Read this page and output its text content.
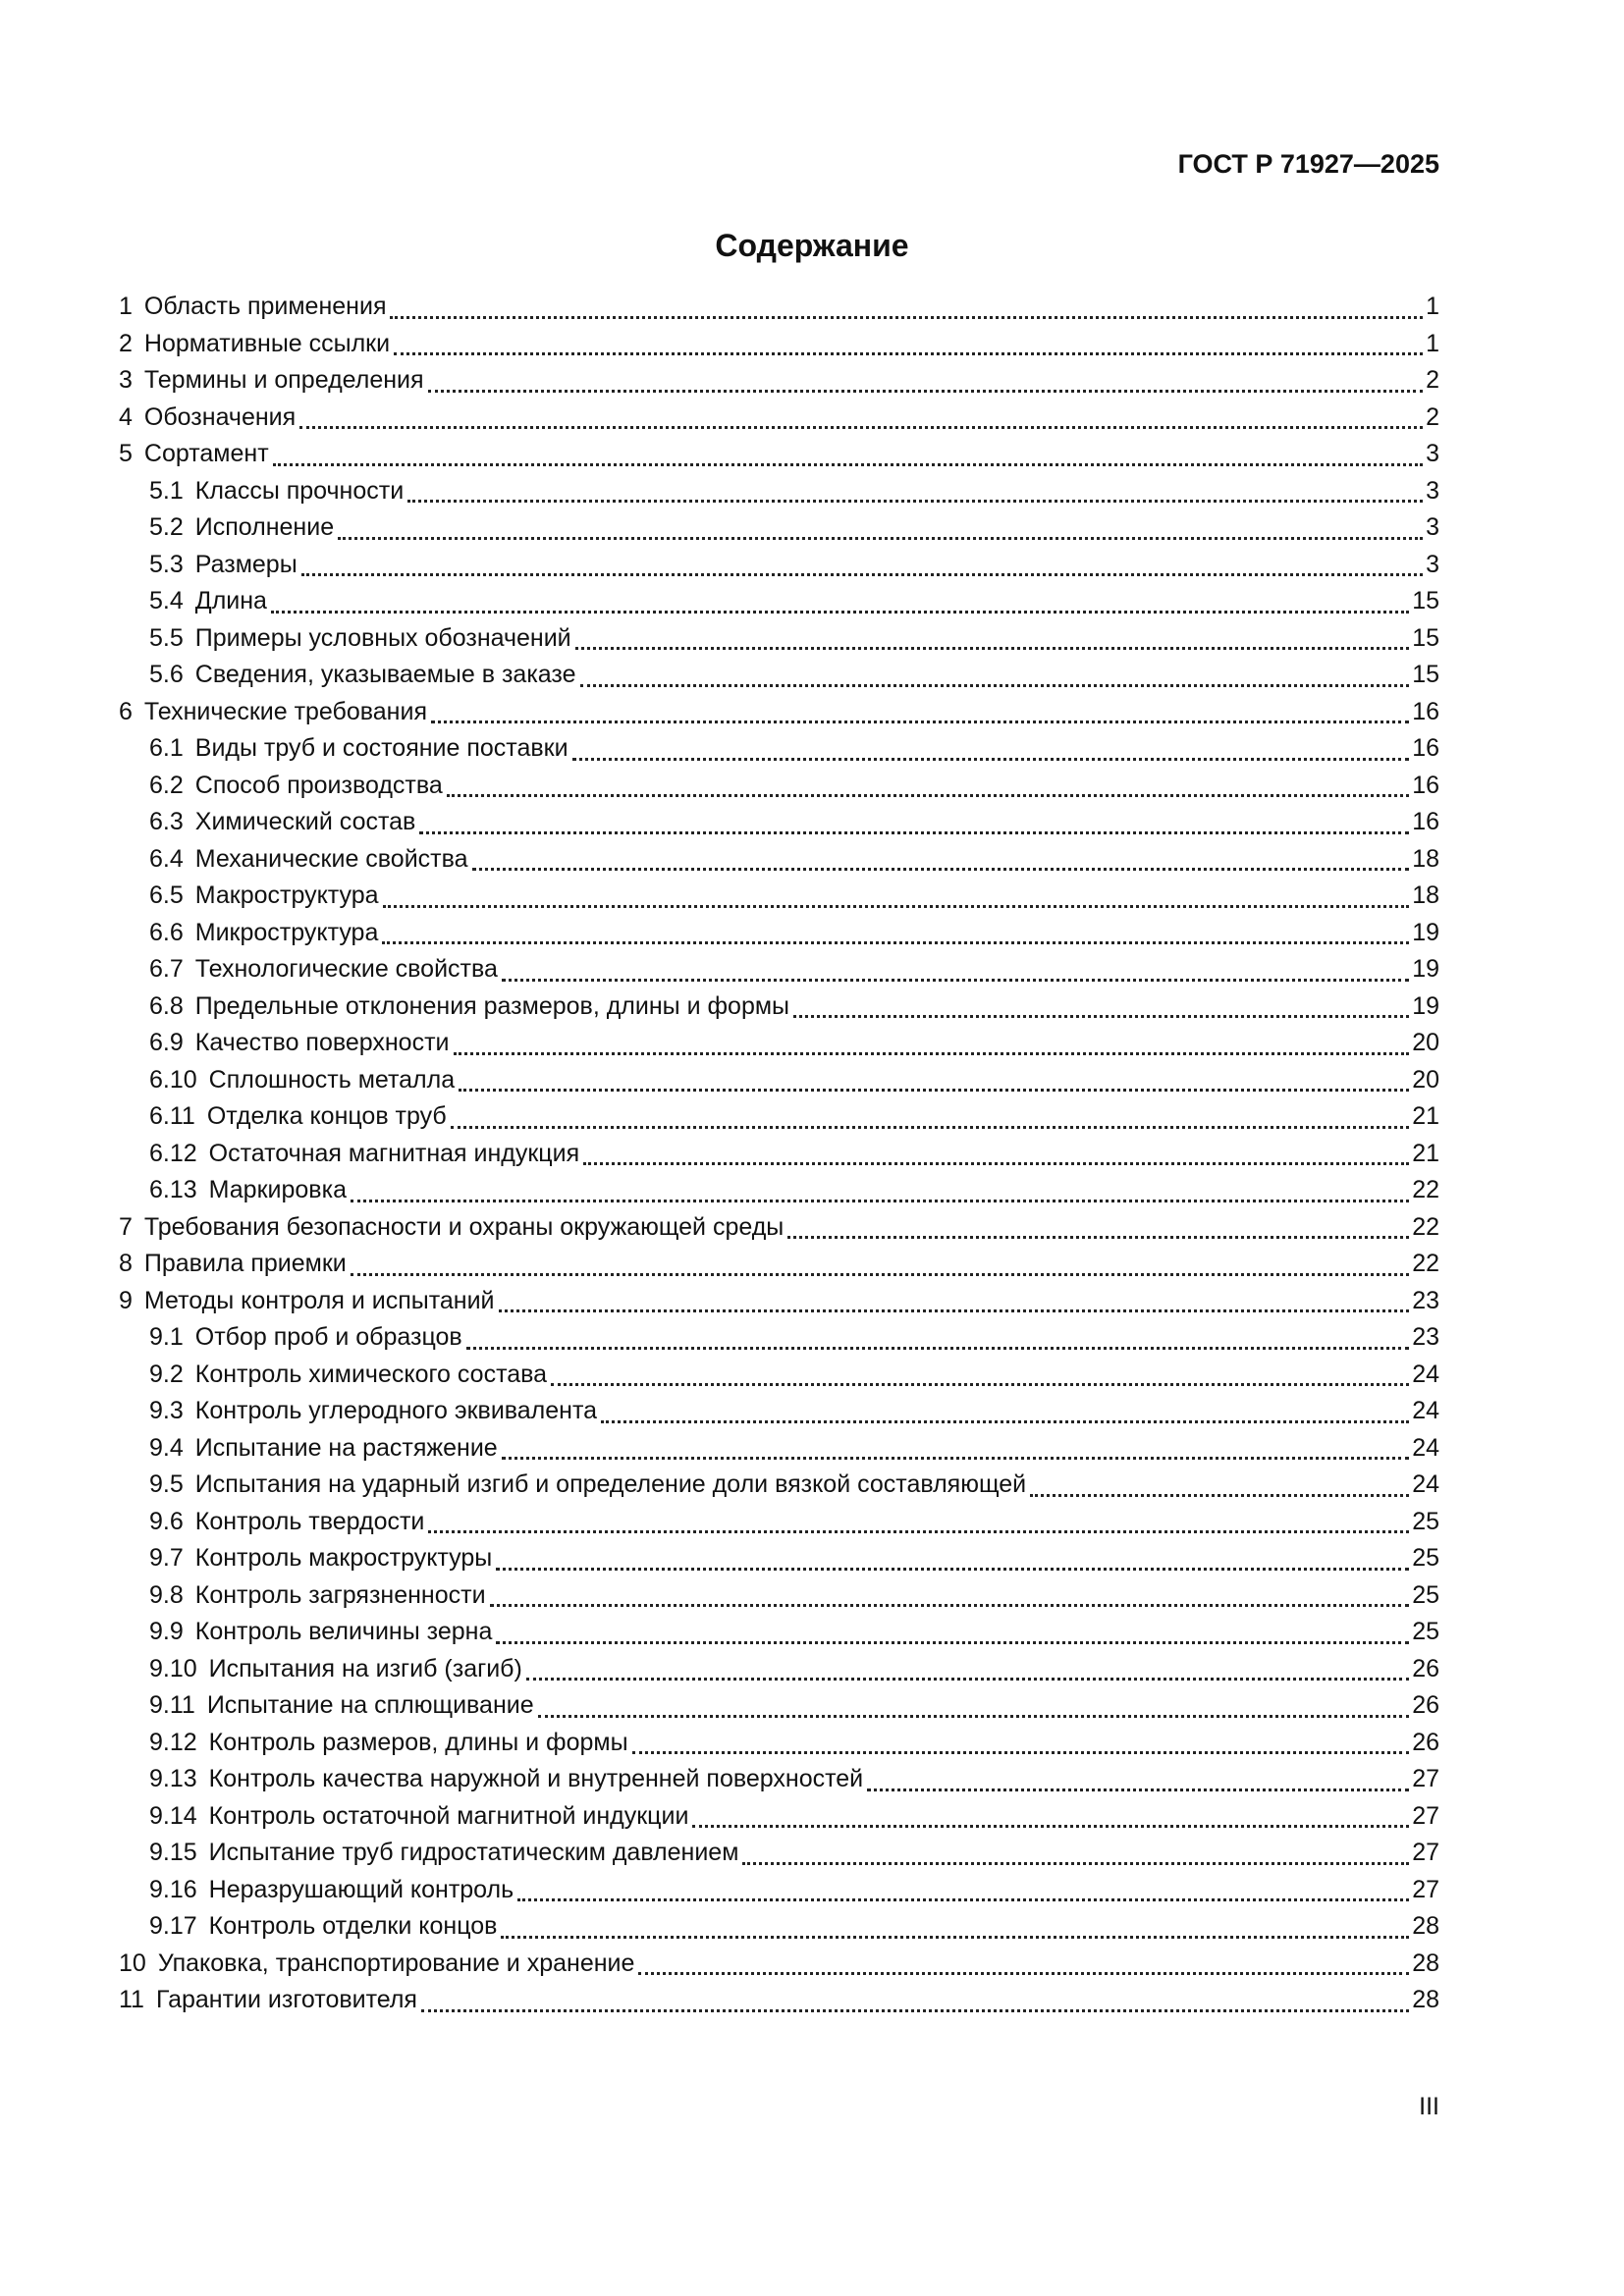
ГОСТ Р 71927—2025
Содержание
1 Область применения	1
2 Нормативные ссылки	1
3 Термины и определения	2
4 Обозначения	2
5 Сортамент	3
5.1 Классы прочности	3
5.2 Исполнение	3
5.3 Размеры	3
5.4 Длина	15
5.5 Примеры условных обозначений	15
5.6 Сведения, указываемые в заказе	15
6 Технические требования	16
6.1 Виды труб и состояние поставки	16
6.2 Способ производства	16
6.3 Химический состав	16
6.4 Механические свойства	18
6.5 Макроструктура	18
6.6 Микроструктура	19
6.7 Технологические свойства	19
6.8 Предельные отклонения размеров, длины и формы	19
6.9 Качество поверхности	20
6.10 Сплошность металла	20
6.11 Отделка концов труб	21
6.12 Остаточная магнитная индукция	21
6.13 Маркировка	22
7 Требования безопасности и охраны окружающей среды	22
8 Правила приемки	22
9 Методы контроля и испытаний	23
9.1 Отбор проб и образцов	23
9.2 Контроль химического состава	24
9.3 Контроль углеродного эквивалента	24
9.4 Испытание на растяжение	24
9.5 Испытания на ударный изгиб и определение доли вязкой составляющей	24
9.6 Контроль твердости	25
9.7 Контроль макроструктуры	25
9.8 Контроль загрязненности	25
9.9 Контроль величины зерна	25
9.10 Испытания на изгиб (загиб)	26
9.11 Испытание на сплющивание	26
9.12 Контроль размеров, длины и формы	26
9.13 Контроль качества наружной и внутренней поверхностей	27
9.14 Контроль остаточной магнитной индукции	27
9.15 Испытание труб гидростатическим давлением	27
9.16 Неразрушающий контроль	27
9.17 Контроль отделки концов	28
10 Упаковка, транспортирование и хранение	28
11 Гарантии изготовителя	28
III
